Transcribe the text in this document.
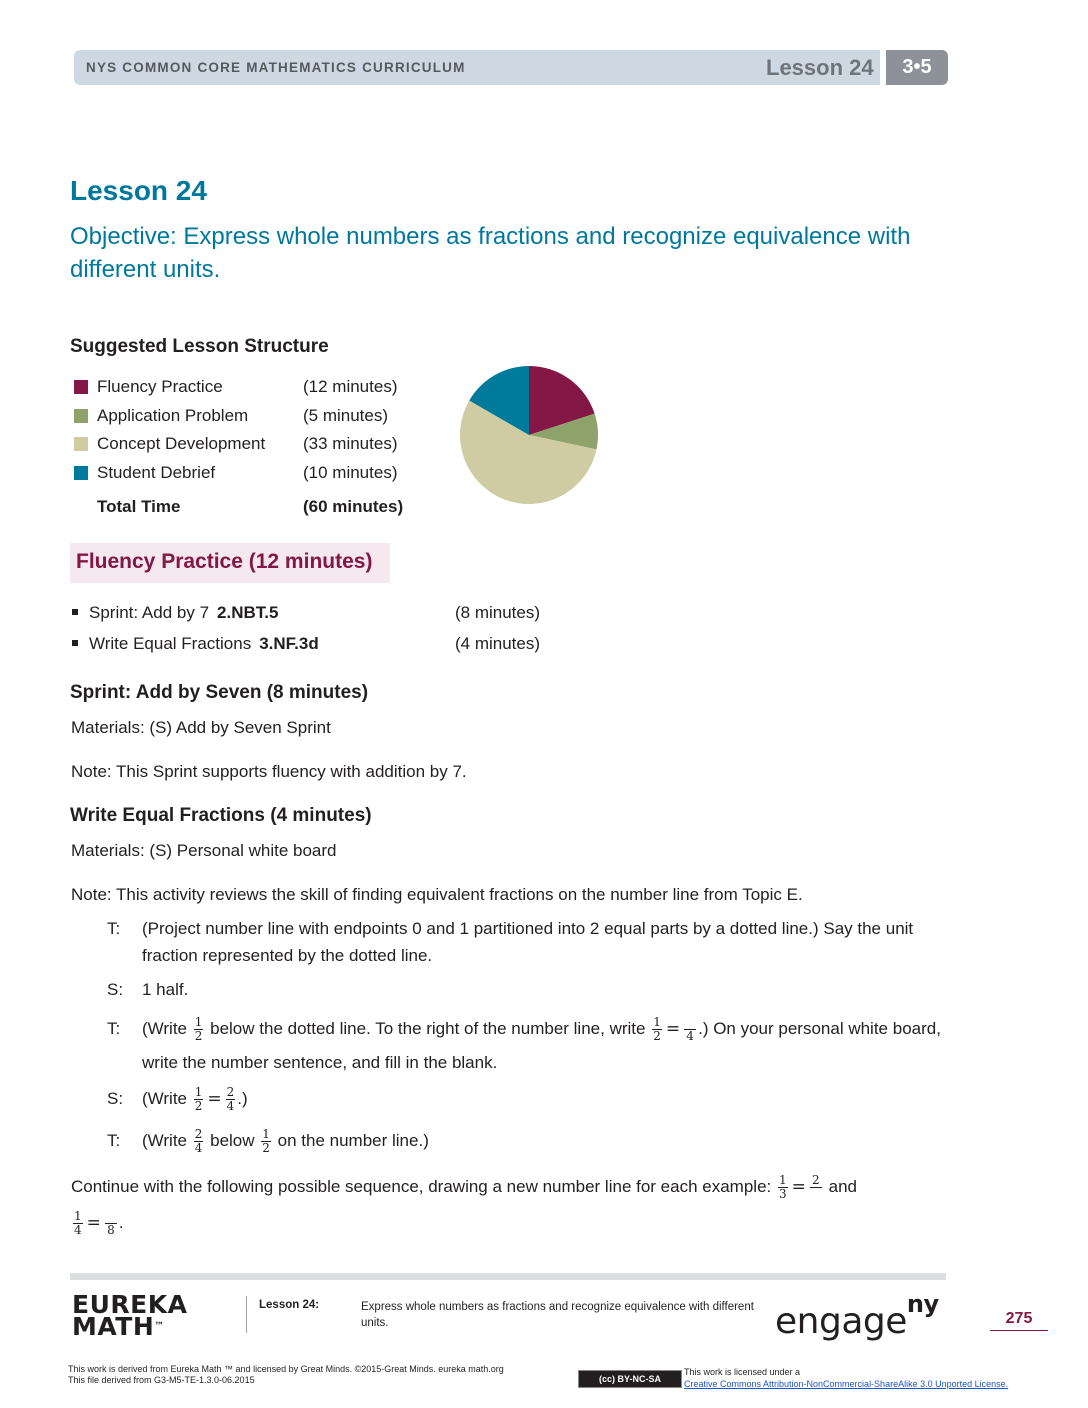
NYS COMMON CORE MATHEMATICS CURRICULUM	Lesson 24	3•5
Lesson 24
Objective: Express whole numbers as fractions and recognize equivalence with different units.
Suggested Lesson Structure
Fluency Practice	(12 minutes)
Application Problem	(5 minutes)
Concept Development (33 minutes)
Student Debrief	(10 minutes)
Total Time	(60 minutes)
Fluency Practice (12 minutes)
Sprint: Add by 7 2.NBT.5	(8 minutes)
Write Equal Fractions 3.NF.3d	(4 minutes)
Sprint: Add by Seven (8 minutes)
Materials: (S) Add by Seven Sprint
Note: This Sprint supports fluency with addition by 7.
Write Equal Fractions (4 minutes)
Materials: (S) Personal white board
Note: This activity reviews the skill of finding equivalent fractions on the number line from Topic E.
T: (Project number line with endpoints 0 and 1 partitioned into 2 equal parts by a dotted line.) Say the unit fraction represented by the dotted line.
S: 1 half.
T: (Write $\frac{1}{2}$ below the dotted line. To the right of the number line, write $\frac{1}{2} = 4$ .) On your personal white board, write the number sentence, and fill in the blank.
S: (Write $\frac{1}{2} = \frac{2}{4}$ .)
T: (Write $\frac{2}{4}$ below $\frac{1}{2}$ on the number line.)
Continue with the following possible sequence, drawing a new number line for each example: $\frac{1}{3} = 2$ and
$\frac{1}{4} = 8$ .
EUREKA
MATH™
Lesson 24:	Express whole numbers as fractions and recognize equivalence with different units.	engage$^{ny}$
275
This work is derived from Eureka Math ™ and licensed by Great Minds. ©2015-Great Minds. eureka math.org
This file derived from G3-M5-TE-1.3.0-06.2015	(cc) BY-NC-SA
This work is licensed under a
Creative Commons Attribution-NonCommercial-ShareAlike 3.0 Unported License.
